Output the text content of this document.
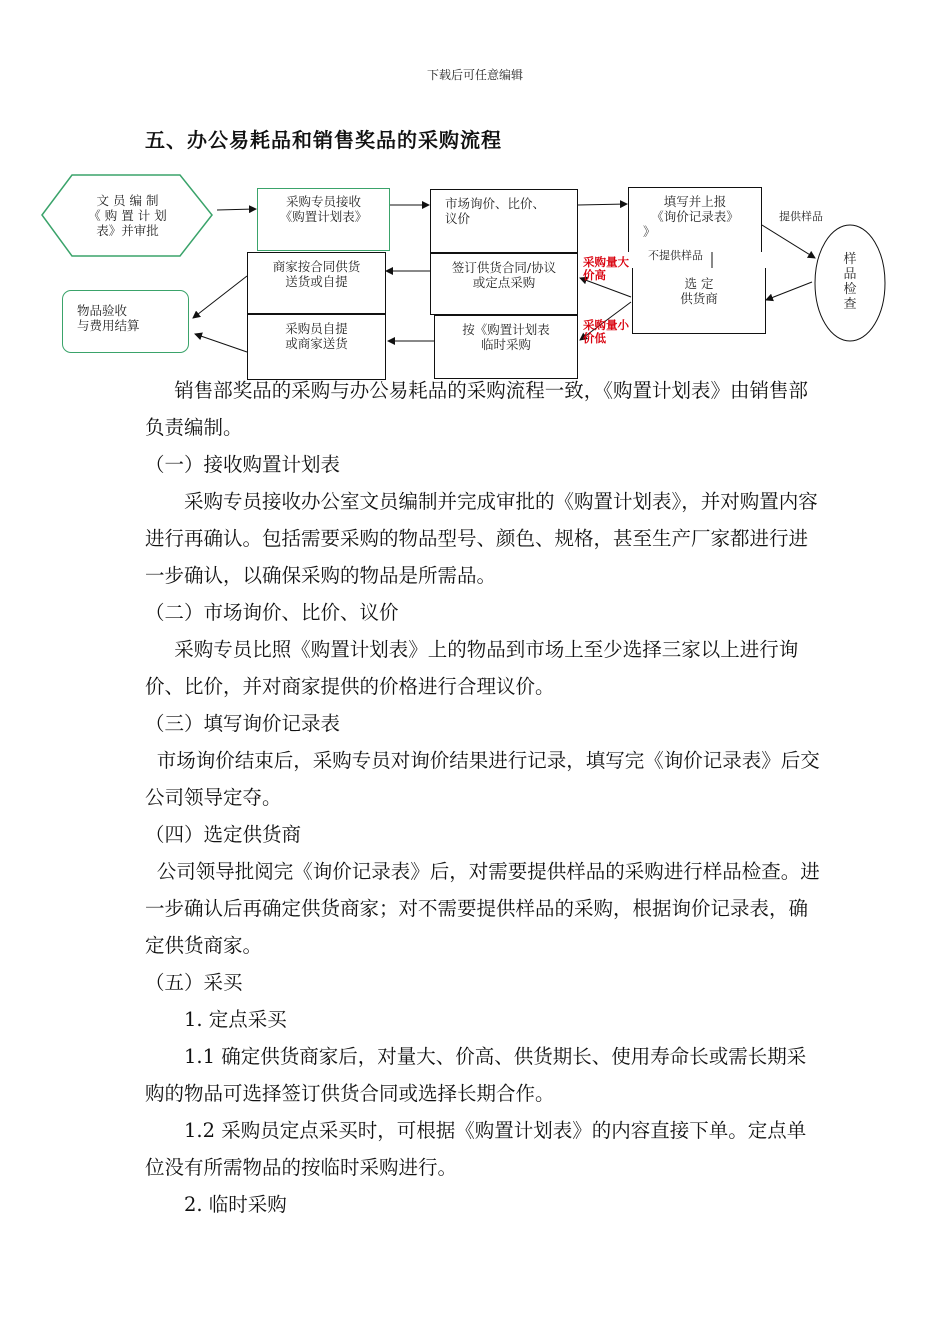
下载后可任意编辑
五、办公易耗品和销售奖品的采购流程
文 员 编 制
《 购 置 计 划
表》并审批
采购专员接收
《购置计划表》
市场询价、比价、
议价
填写并上报
《询价记录表》
》
提供样品
不提供样品	样
品
检
查
选 定
供货商
签订供货合同/协议
或定点采购
商家按合同供货
送货或自提
按《购置计划表
临时采购
采购员自提
或商家送货
物品验收
与费用结算
采购量大
价高
采购量小
价低

销售部奖品的采购与办公易耗品的采购流程一致，《购置计划表》由销售部负责编制。

（一）接收购置计划表

采购专员接收办公室文员编制并完成审批的《购置计划表》，并对购置内容进行再确认。包括需要采购的物品型号、颜色、规格，甚至生产厂家都进行进一步确认，以确保采购的物品是所需品。

（二）市场询价、比价、议价

采购专员比照《购置计划表》上的物品到市场上至少选择三家以上进行询价、比价，并对商家提供的价格进行合理议价。

（三）填写询价记录表

市场询价结束后，采购专员对询价结果进行记录，填写完《询价记录表》后交公司领导定夺。

（四）选定供货商

公司领导批阅完《询价记录表》后，对需要提供样品的采购进行样品检查。进一步确认后再确定供货商家；对不需要提供样品的采购，根据询价记录表，确定供货商家。

（五）采买

1. 定点采买

1.1 确定供货商家后，对量大、价高、供货期长、使用寿命长或需长期采购的物品可选择签订供货合同或选择长期合作。

1.2 采购员定点采买时，可根据《购置计划表》的内容直接下单。定点单位没有所需物品的按临时采购进行。

2. 临时采购
